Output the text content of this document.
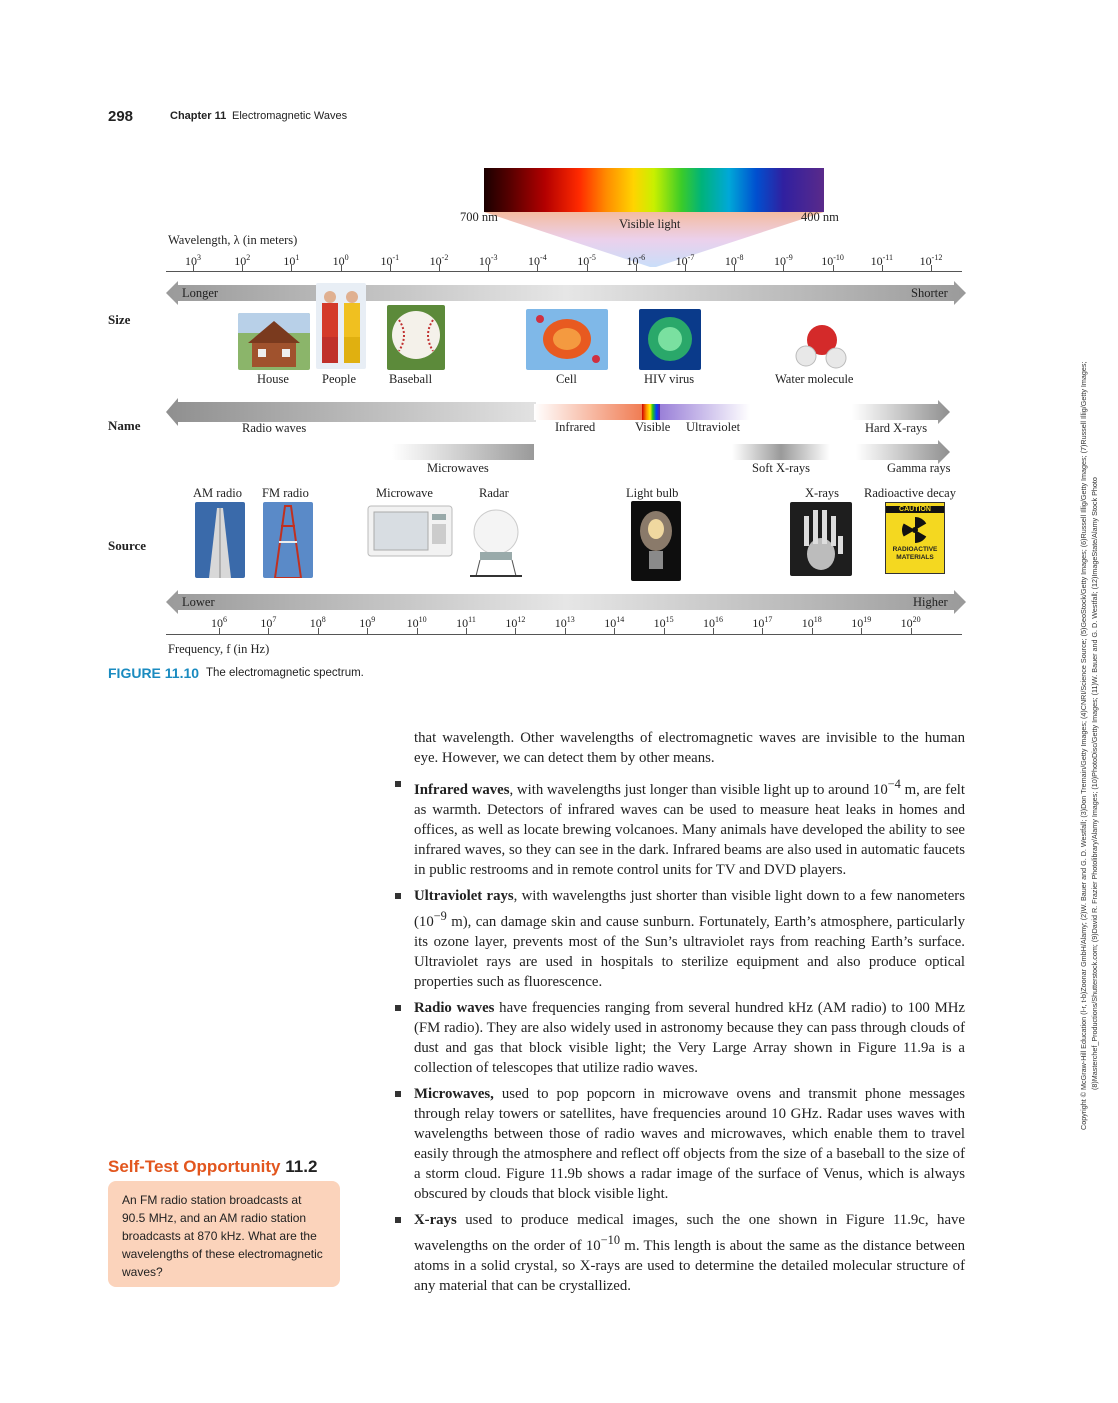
298	Chapter 11 Electromagnetic Waves
700 nm	400 nm
Visible light
Wavelength, λ (in meters)
$10^3$	$10^2$	$10^1$	$10^0$	$10^{-1}$	$10^{-2}$	$10^{-3}$	$10^{-4}$	$10^{-5}$	$10^{-6}$	$10^{-7}$	$10^{-8}$	$10^{-9}$ $10^{-10}$ $10^{-11}$ $10^{-12}$
Longer	Shorter
Size
Name
Source
House	People	Baseball	Cell	HIV virus	Water molecule
Radio waves	Infrared	Visible Ultraviolet	Hard X-rays
Microwaves	Soft X-rays	Gamma rays
AM radio FM radio	Microwave	Radar	Light bulb	X-rays Radioactive decay
CAUTION
RADIOACTIVE
MATERIALS
Lower	Higher
$10^6$	$10^7$	$10^8$	$10^9$	$10^{10}$ $10^{11}$ $10^{12}$ $10^{13}$ $10^{14}$ $10^{15}$ $10^{16}$ $10^{17}$ $10^{18}$ $10^{19}$ $10^{20}$
Frequency, f (in Hz)
FIGURE 11.10 The electromagnetic spectrum.

that wavelength. Other wavelengths of electromagnetic waves are invisible to the human eye. However, we can detect them by other means.

Infrared waves, with wavelengths just longer than visible light up to around $10^{-4}$ m, are felt as warmth. Detectors of infrared waves can be used to measure heat leaks in homes and offices, as well as locate brewing volcanoes. Many animals have developed the ability to see infrared waves, so they can see in the dark. Infrared beams are also used in automatic faucets in public restrooms and in remote control units for TV and DVD players.
Ultraviolet rays, with wavelengths just shorter than visible light down to a few nanometers ($10^{-9}$ m), can damage skin and cause sunburn. Fortunately, Earth’s atmosphere, particularly its ozone layer, prevents most of the Sun’s ultraviolet rays from reaching Earth’s surface. Ultraviolet rays are used in hospitals to sterilize equipment and also produce optical properties such as fluorescence.
Radio waves have frequencies ranging from several hundred kHz (AM radio) to 100 MHz (FM radio). They are also widely used in astronomy because they can pass through clouds of dust and gas that block visible light; the Very Large Array shown in Figure 11.9a is a collection of telescopes that utilize radio waves.
Microwaves, used to pop popcorn in microwave ovens and transmit phone messages through relay towers or satellites, have frequencies around 10 GHz. Radar uses waves with wavelengths between those of radio waves and microwaves, which enable them to travel easily through the atmosphere and reflect off objects from the size of a baseball to the size of a storm cloud. Figure 11.9b shows a radar image of the surface of Venus, which is always obscured by clouds that block visible light.
X-rays used to produce medical images, such the one shown in Figure 11.9c, have wavelengths on the order of $10^{-10}$ m. This length is about the same as the distance between atoms in a solid crystal, so X-rays are used to determine the detailed molecular structure of any material that can be crystallized.
Self-Test Opportunity 11.2
An FM radio station broadcasts at 90.5 MHz, and an AM radio station broadcasts at 870 kHz. What are the wavelengths of these electromagnetic waves?
Copyright © McGraw-Hill Education (l-r, t-b)Zoonar GmbH/Alamy; (2)W. Bauer and G. D. Westfall; (3)Don Tremain/Getty Images; (4)CNRI/Science Source; (5)GeoStock/Getty Images; (6)Russell Illig/Getty Images; (7)Russell Illig/Getty Images; (8)Masterchef_Productions/Shutterstock.com; (9)David R. Frazier Photolibrary/Alamy Images; (10)PhotoDisc/Getty Images; (11)W. Bauer and G. D. Westfall; (12)ImageState/Alamy Stock Photo
